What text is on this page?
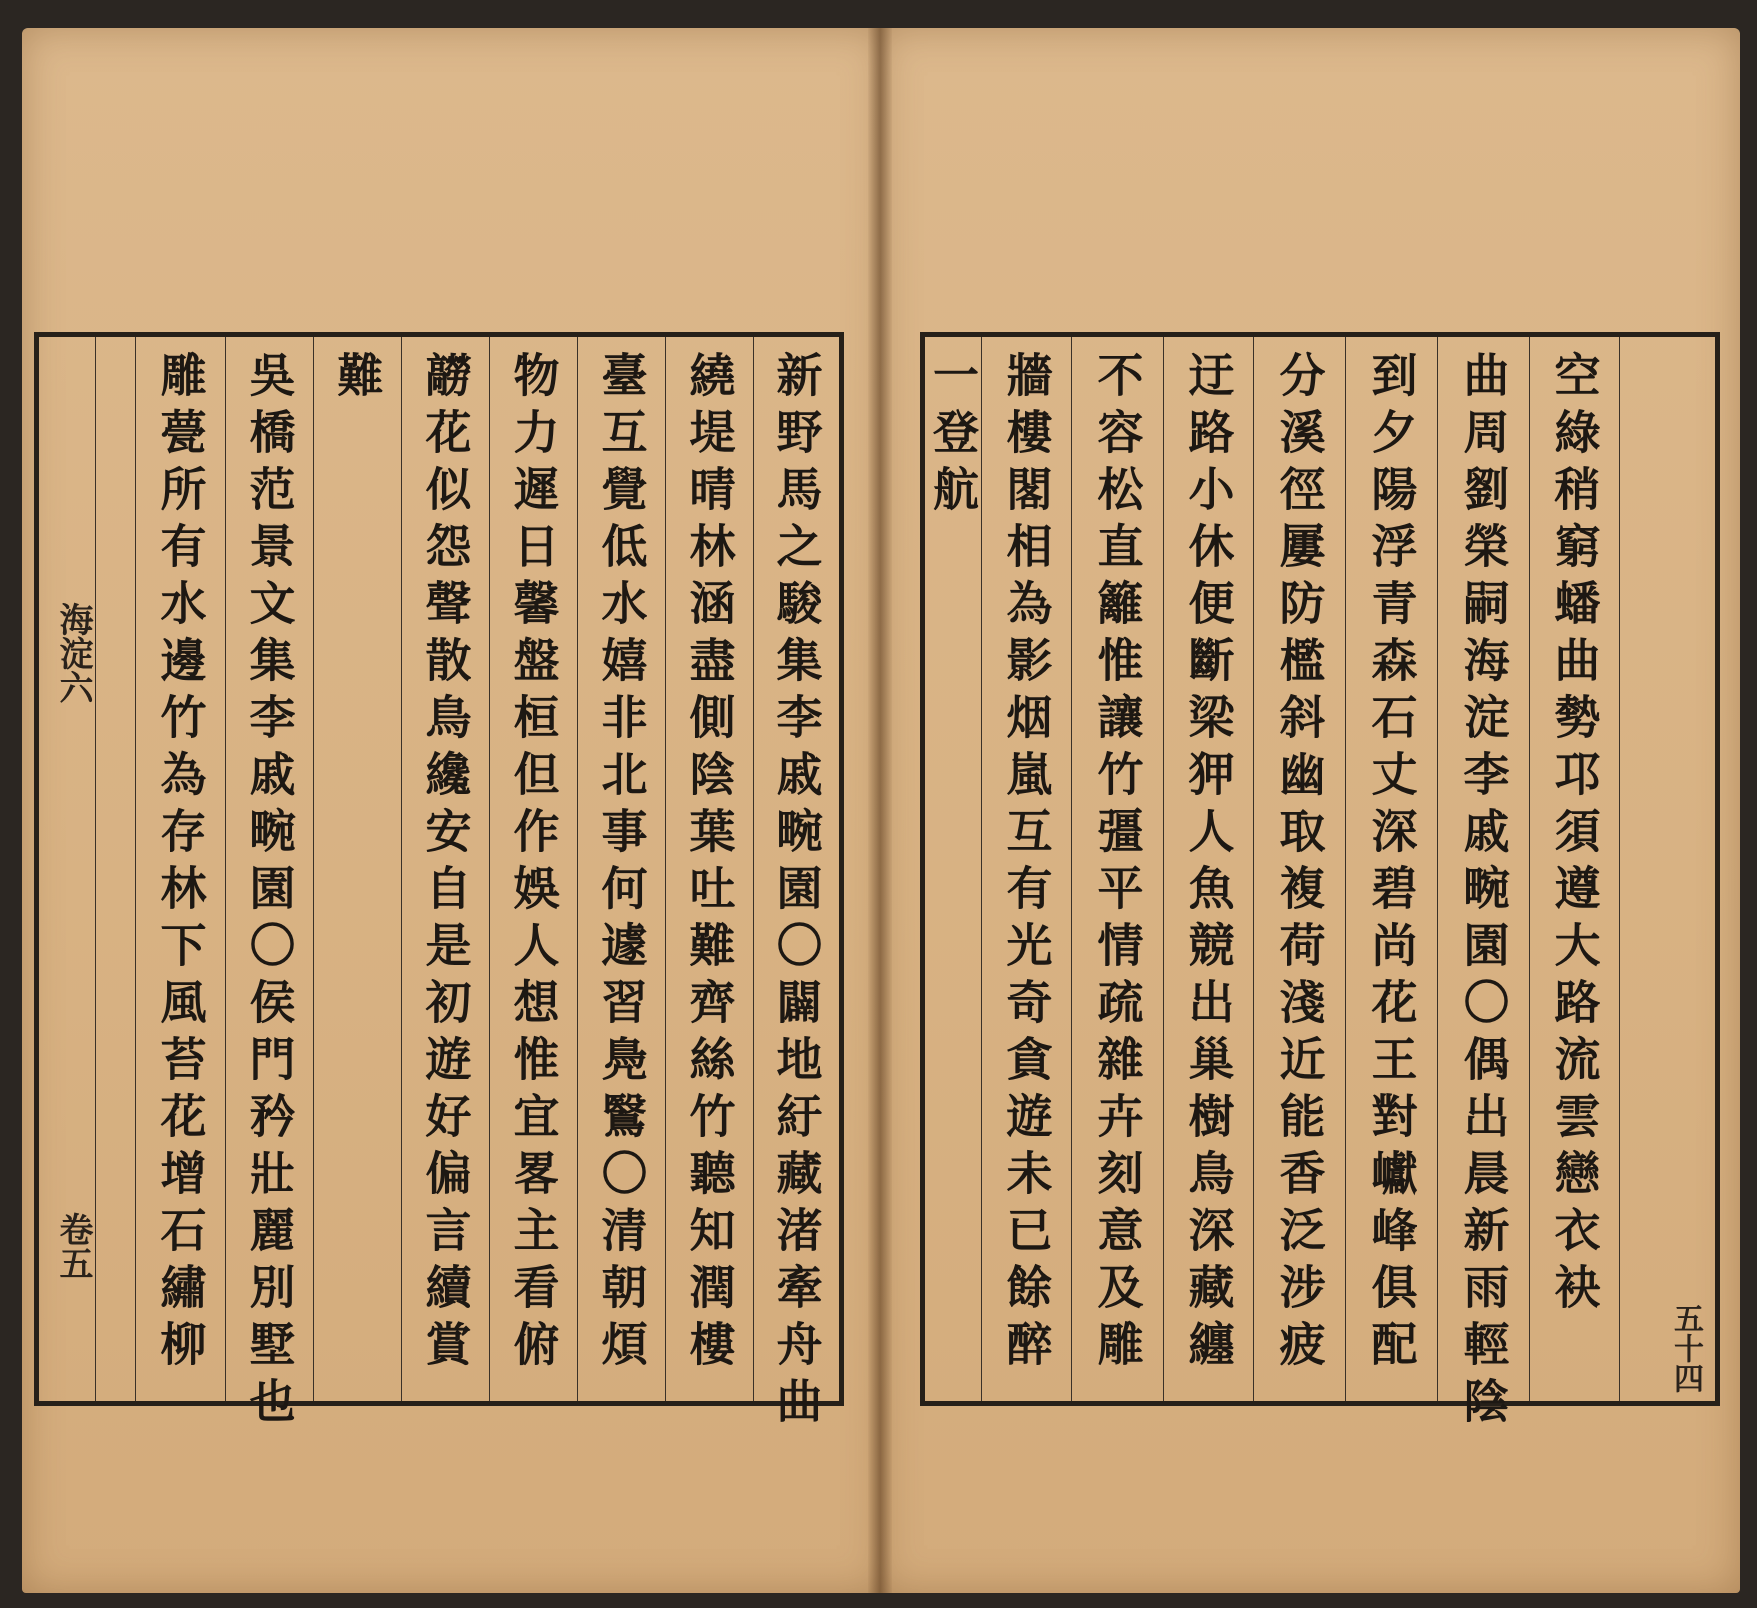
海淀六
卷五	新野馬之駿集李戚畹園〇闢地紆藏渚牽舟曲
繞堤晴林涵盡側陰葉吐難齊絲竹聽知潤樓
臺互覺低水嬉非北事何遽習鳧鷖〇清朝煩
物力遲日馨盤桓但作娛人想惟宜畧主看俯
髝花似怨聲散鳥纔安自是初遊好偏言續賞
難
吳橋范景文集李戚畹園〇侯門矜壯麗別墅也
雕甍所有水邊竹為存林下風苔花增石繡柳	五十四
空綠稍窮蟠曲勢邛須遵大路流雲戀衣袂
曲周劉榮嗣海淀李戚畹園〇偶出晨新雨輕陰
到夕陽浮青森石丈深碧尚花王對巘峰俱配
分溪徑屢防檻斜幽取複荷淺近能香泛涉疲
迂路小休便斷梁狎人魚競出巢樹鳥深藏纏
不容松直籬惟讓竹彊平情疏雜卉刻意及雕
牆樓閣相為影烟嵐互有光奇貪遊未已餘醉
一登航
